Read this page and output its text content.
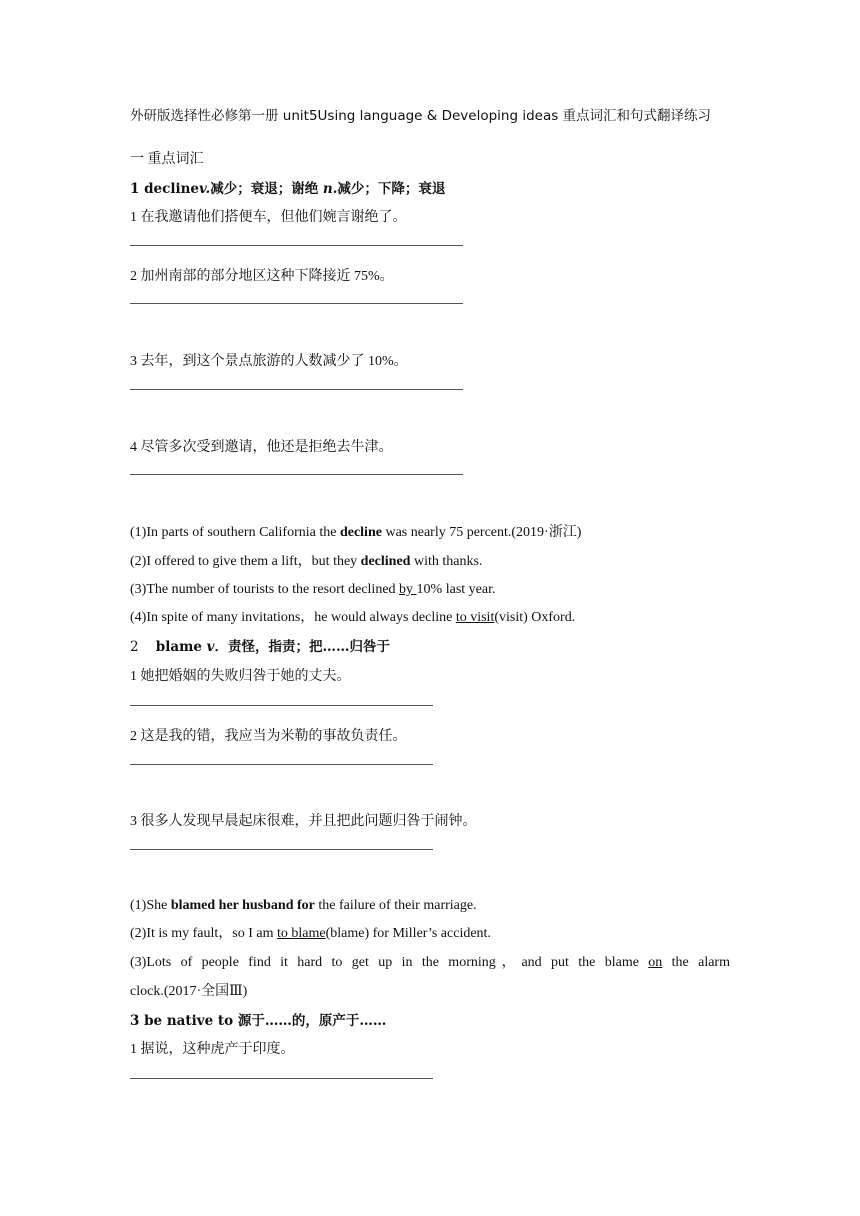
外研版选择性必修第一册 unit5Using language & Developing ideas 重点词汇和句式翻译练习
一 重点词汇
1 declinev.减少；衰退；谢绝 n.减少；下降；衰退
1 在我邀请他们搭便车，但他们婉言谢绝了。
2 加州南部的部分地区这种下降接近 75%。
3 去年，到这个景点旅游的人数减少了 10%。
4 尽管多次受到邀请，他还是拒绝去牛津。
(1)In parts of southern California the decline was nearly 75 percent.(2019·浙江)
(2)I offered to give them a lift，but they declined with thanks.
(3)The number of tourists to the resort declined by 10% last year.
(4)In spite of many invitations，he would always decline to visit(visit) Oxford.
2    blame v．责怪，指责；把……归咎于
1 她把婚姻的失败归咎于她的丈夫。
2 这是我的错，我应当为米勒的事故负责任。
3 很多人发现早晨起床很难，并且把此问题归咎于闹钟。
(1)She blamed her husband for the failure of their marriage.
(2)It is my fault，so I am to blame(blame) for Miller’s accident.
(3)Lots of people find it hard to get up in the morning，and put the blame on the alarm
clock.(2017·全国Ⅲ)
3 be native to 源于……的，原产于……
1 据说，这种虎产于印度。
